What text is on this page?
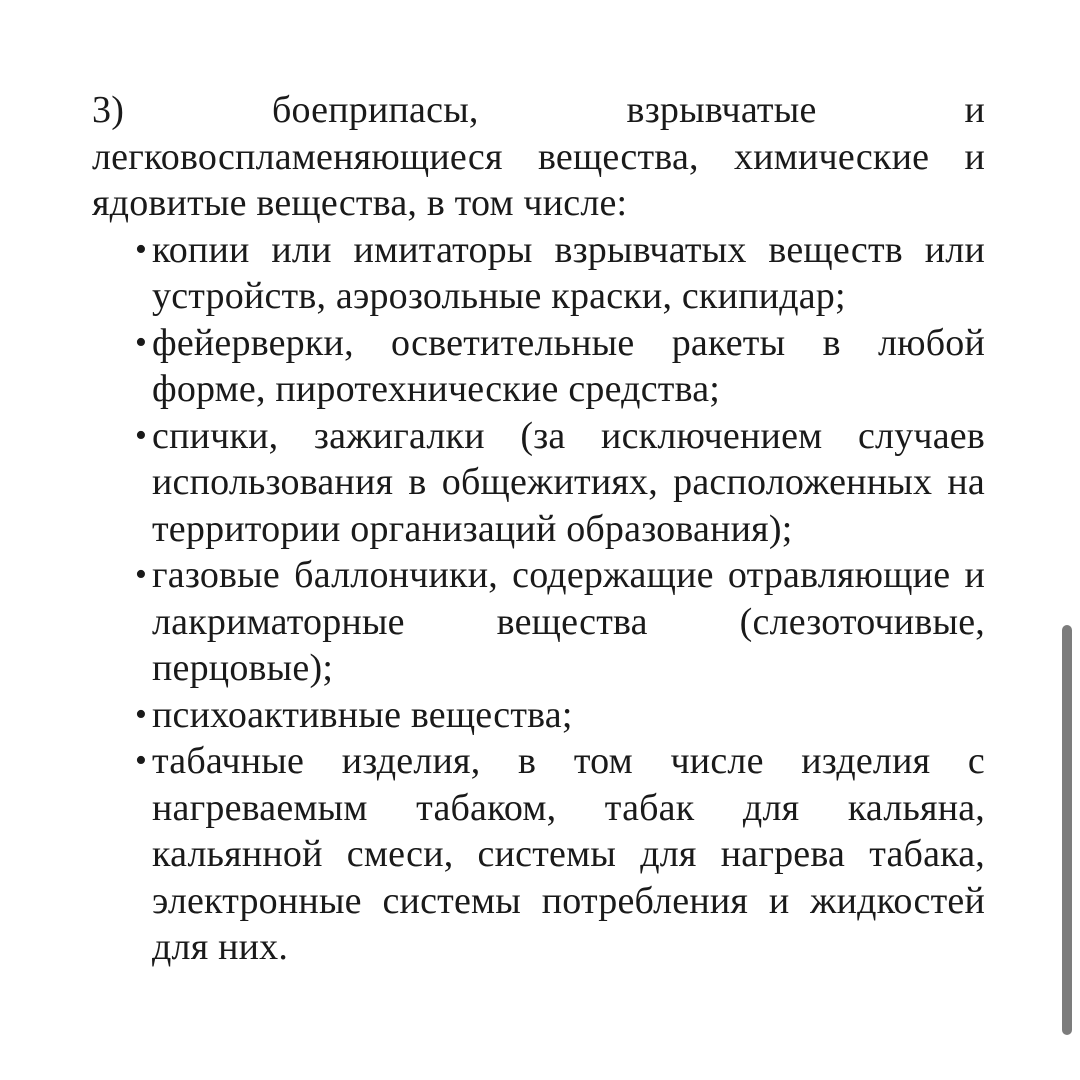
3) боеприпасы, взрывчатые и
легковоспламеняющиеся вещества, химические и
ядовитые вещества, в том числе:
• копии или имитаторы взрывчатых веществ или
устройств, аэрозольные краски, скипидар;
• фейерверки, осветительные ракеты в любой
форме, пиротехнические средства;
• спички, зажигалки (за исключением случаев
использования в общежитиях, расположенных на
территории организаций образования);
• газовые баллончики, содержащие отравляющие и
лакриматорные вещества (слезоточивые,
перцовые);
• психоактивные вещества;
• табачные изделия, в том числе изделия с
нагреваемым табаком, табак для кальяна,
кальянной смеси, системы для нагрева табака,
электронные системы потребления и жидкостей
для них.
